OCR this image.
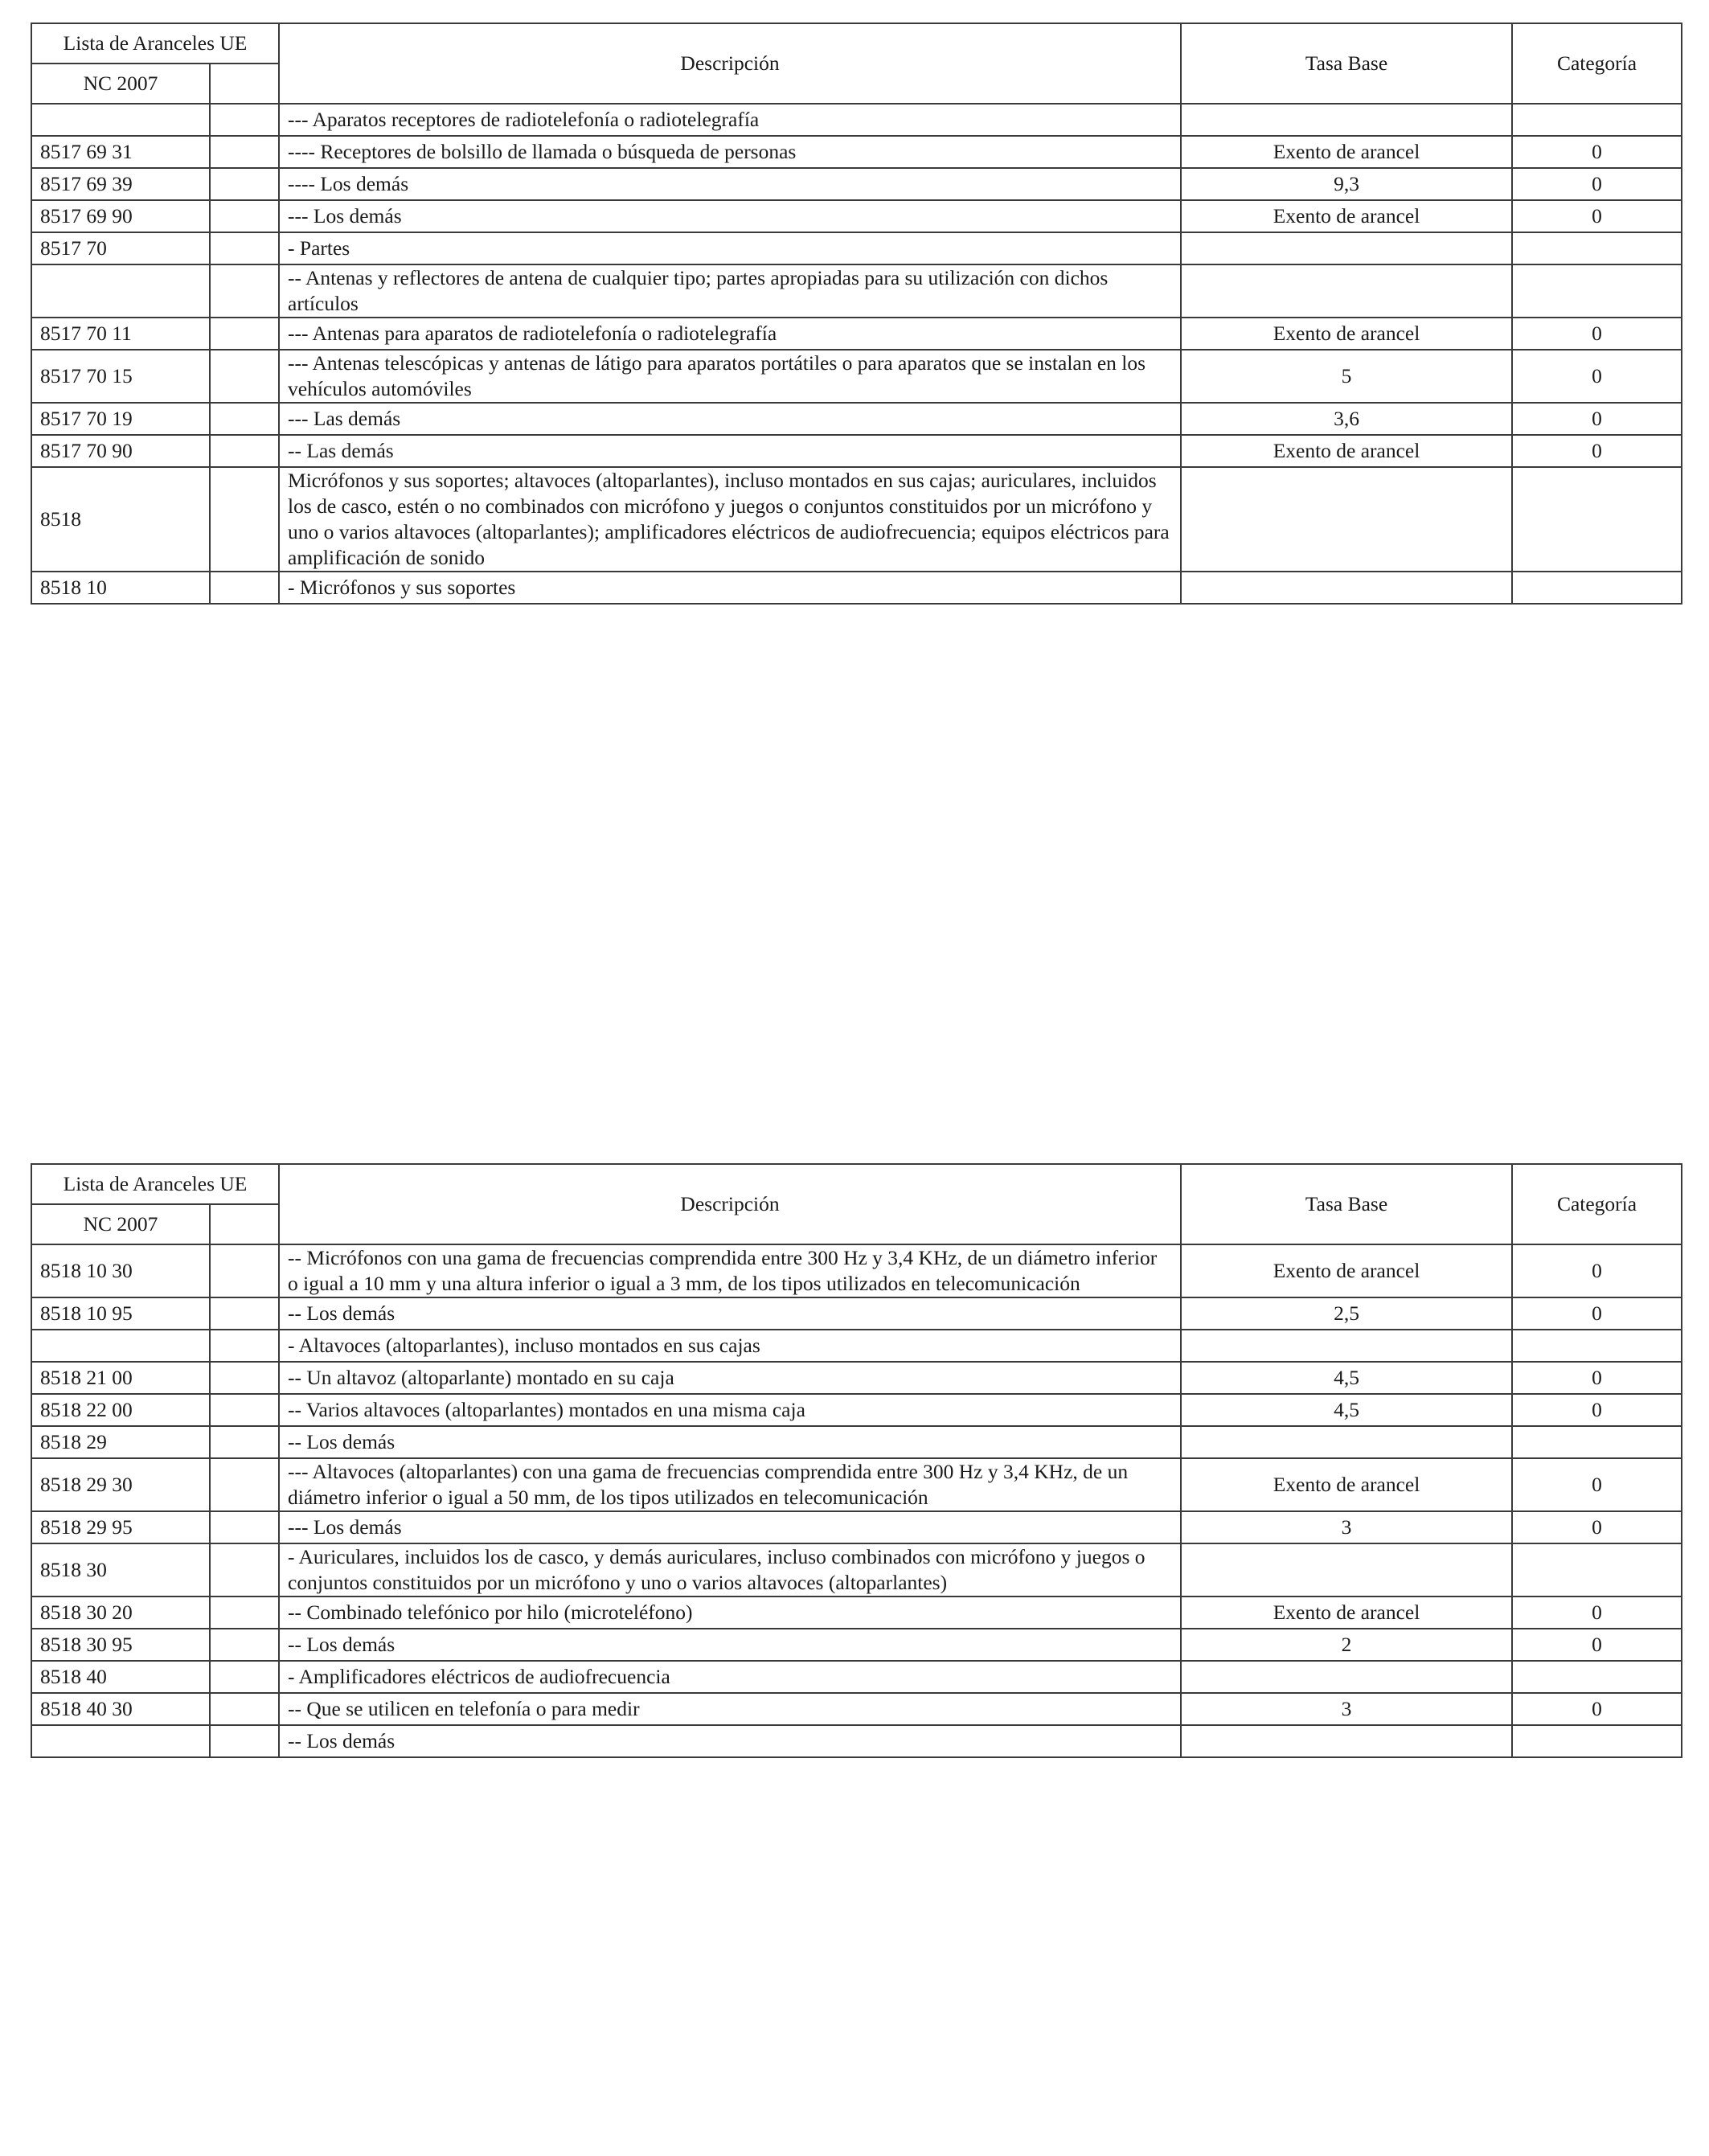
Lista de Aranceles UE		Descripción	Tasa Base	Categoría
NC 2007				
		--- Aparatos receptores de radiotelefonía o radiotelegrafía		
8517 69 31		---- Receptores de bolsillo de llamada o búsqueda de personas	Exento de arancel	0
8517 69 39		---- Los demás	9,3	0
8517 69 90		--- Los demás	Exento de arancel	0
8517 70		- Partes		
		-- Antenas y reflectores de antena de cualquier tipo; partes apropiadas para su utilización con dichos artículos		
8517 70 11		--- Antenas para aparatos de radiotelefonía o radiotelegrafía	Exento de arancel	0
8517 70 15		--- Antenas telescópicas y antenas de látigo para aparatos portátiles o para aparatos que se instalan en los vehículos automóviles	5	0
8517 70 19		--- Las demás	3,6	0
8517 70 90		-- Las demás	Exento de arancel	0
8518		Micrófonos y sus soportes; altavoces (altoparlantes), incluso montados en sus cajas; auriculares, incluidos los de casco, estén o no combinados con micrófono y juegos o conjuntos constituidos por un micrófono y uno o varios altavoces (altoparlantes); amplificadores eléctricos de audiofrecuencia; equipos eléctricos para amplificación de sonido		
8518 10		- Micrófonos y sus soportes		
Lista de Aranceles UE		Descripción	Tasa Base	Categoría
NC 2007				
8518 10 30		-- Micrófonos con una gama de frecuencias comprendida entre 300 Hz y 3,4 KHz, de un diámetro inferior o igual a 10 mm y una altura inferior o igual a 3 mm, de los tipos utilizados en telecomunicación	Exento de arancel	0
8518 10 95		-- Los demás	2,5	0
		- Altavoces (altoparlantes), incluso montados en sus cajas		
8518 21 00		-- Un altavoz (altoparlante) montado en su caja	4,5	0
8518 22 00		-- Varios altavoces (altoparlantes) montados en una misma caja	4,5	0
8518 29		-- Los demás		
8518 29 30		--- Altavoces (altoparlantes) con una gama de frecuencias comprendida entre 300 Hz y 3,4 KHz, de un diámetro inferior o igual a 50 mm, de los tipos utilizados en telecomunicación	Exento de arancel	0
8518 29 95		--- Los demás	3	0
8518 30		- Auriculares, incluidos los de casco, y demás auriculares, incluso combinados con micrófono y juegos o conjuntos constituidos por un micrófono y uno o varios altavoces (altoparlantes)		
8518 30 20		-- Combinado telefónico por hilo (microteléfono)	Exento de arancel	0
8518 30 95		-- Los demás	2	0
8518 40		- Amplificadores eléctricos de audiofrecuencia		
8518 40 30		-- Que se utilicen en telefonía o para medir	3	0
		-- Los demás		
